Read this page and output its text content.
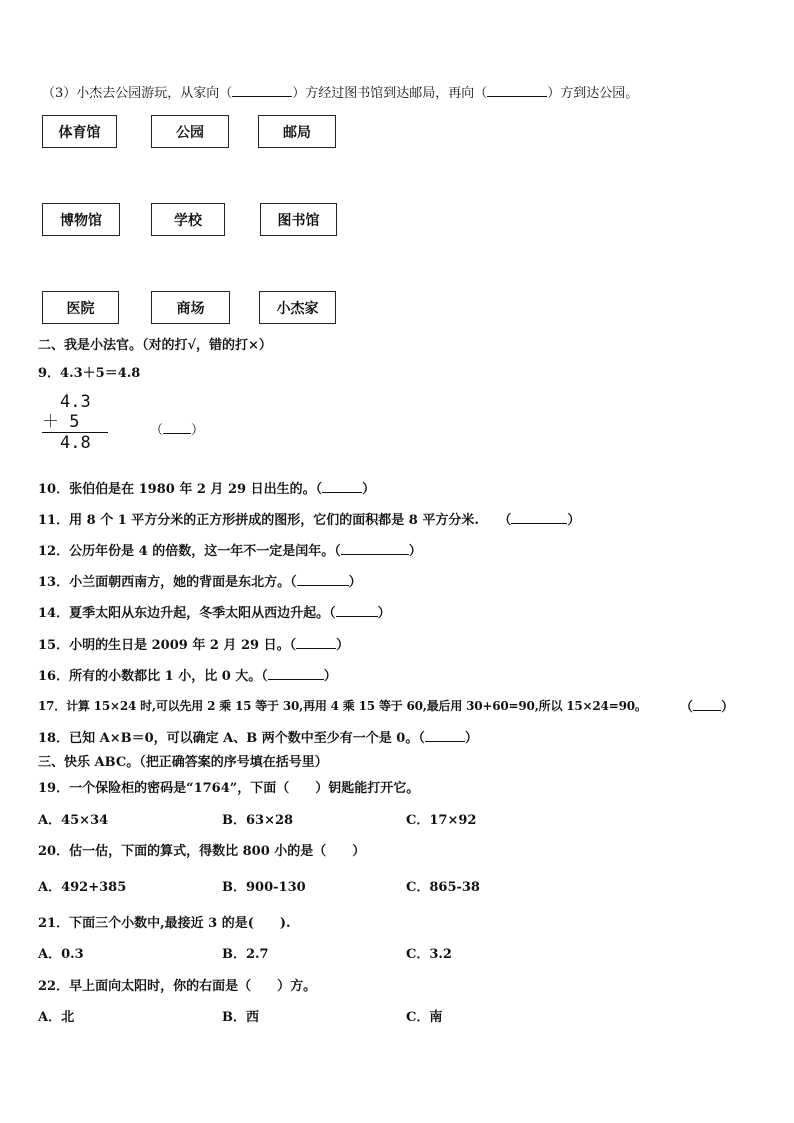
（3）小杰去公园游玩，从家向（	）方经过图书馆到达邮局，再向（	）方到达公园。
体育馆	公园	邮局
博物馆	学校	图书馆
医院	商场	小杰家
二、我是小法官。（对的打√，错的打×）
9．4.3＋5＝4.8
4.3
＋ 5
4.8
（ ）
10．张伯伯是在 1980 年 2 月 29 日出生的。（	）
11．用 8 个 1 平方分米的正方形拼成的图形，它们的面积都是 8 平方分米.　　（	）
12．公历年份是 4 的倍数，这一年不一定是闰年。（	）
13．小兰面朝西南方，她的背面是东北方。（	）
14．夏季太阳从东边升起，冬季太阳从西边升起。（	）
15．小明的生日是 2009 年 2 月 29 日。（	）
16．所有的小数都比 1 小，比 0 大。（	）
17．计算 15×24 时,可以先用 2 乘 15 等于 30,再用 4 乘 15 等于 60,最后用 30+60=90,所以 15×24=90。	（ ）
18．已知 A×B＝0，可以确定 A、B 两个数中至少有一个是 0。（	）
三、快乐 ABC。（把正确答案的序号填在括号里）
19．一个保险柜的密码是“1764”，下面（　　）钥匙能打开它。
A．45×34	B．63×28	C．17×92
20．估一估，下面的算式，得数比 800 小的是（　　）
A．492+385	B．900-130	C．865-38
21．下面三个小数中,最接近 3 的是(　　).
A．0.3	B．2.7	C．3.2
22．早上面向太阳时，你的右面是（　　）方。
A．北	B．西	C．南
